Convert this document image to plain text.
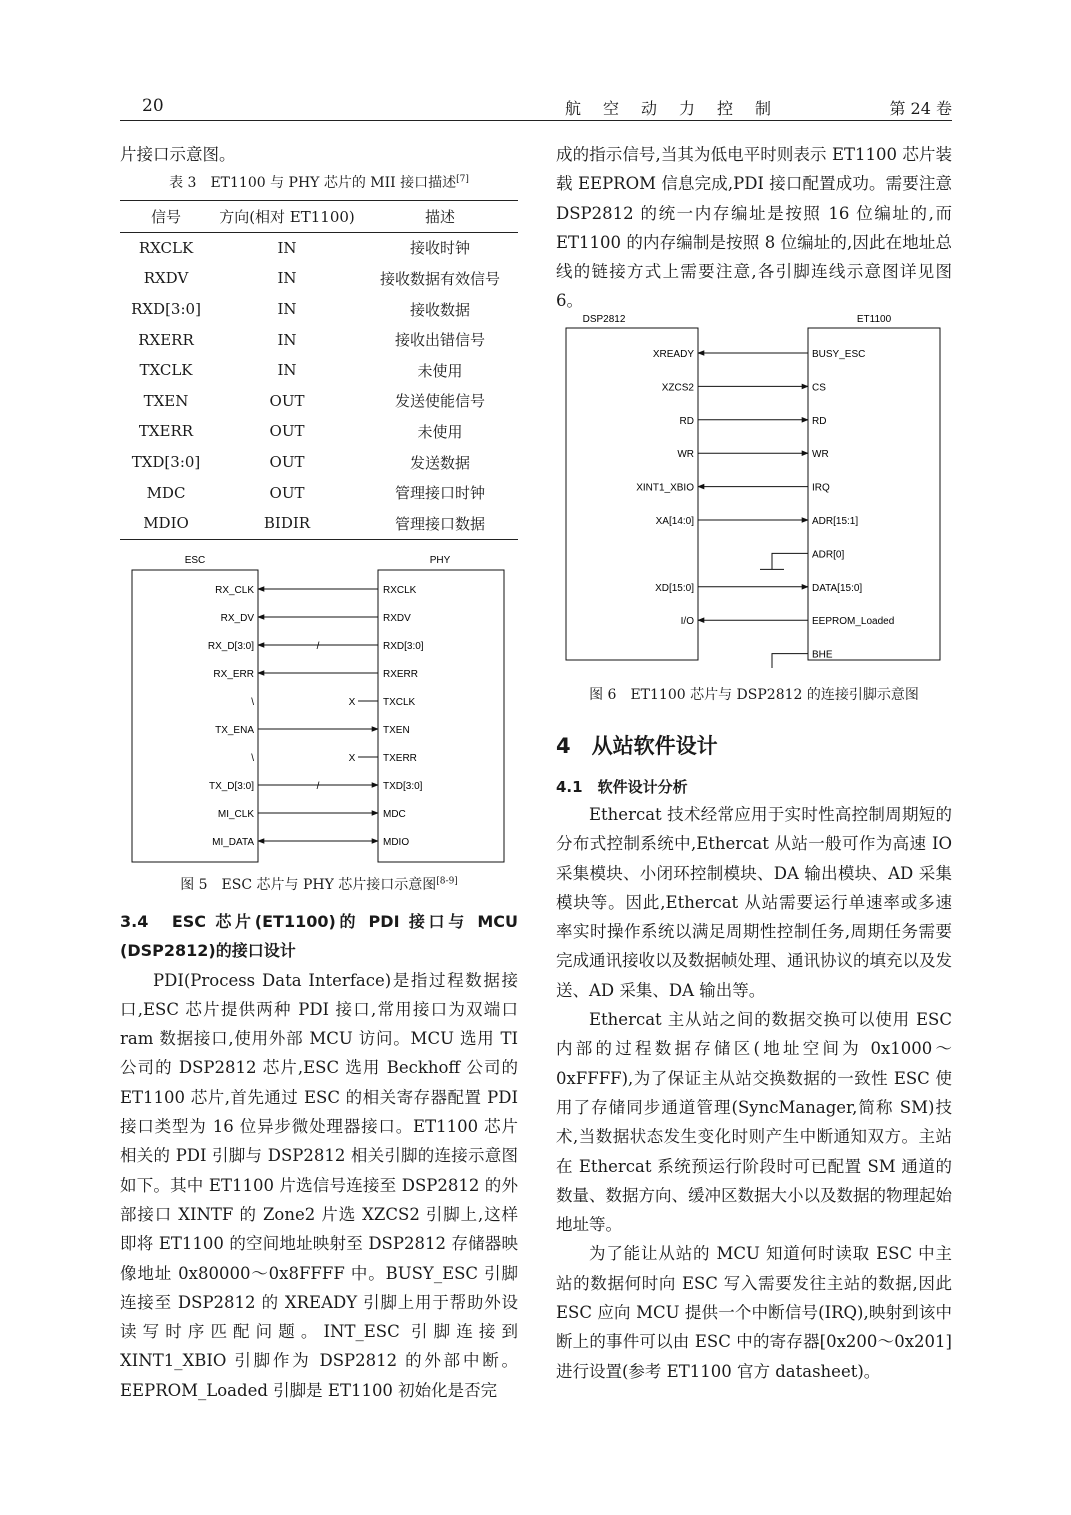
20	航空动力控制	第 24 卷

片接口示意图。

表 3　ET1100 与 PHY 芯片的 MII 接口描述[7]
信号	方向(相对 ET1100)	描述
RXCLK	IN	接收时钟
RXDV	IN	接收数据有效信号
RXD[3:0]	IN	接收数据
RXERR	IN	接收出错信号
TXCLK	IN	未使用
TXEN	OUT	发送使能信号
TXERR	OUT	未使用
TXD[3:0]	OUT	发送数据
MDC	OUT	管理接口时钟
MDIO	BIDIR	管理接口数据
ESC	PHY
RX_CLK	RXCLK
RX_DV	RXDV
RX_D[3:0]	RXD[3:0]
/
RX_ERR	RXERR
\	TXCLK
X
TX_ENA	TXEN
\	TXERR
X
TX_D[3:0]	TXD[3:0]
/
MI_CLK	MDC
MI_DATA	MDIO
图 5　ESC 芯片与 PHY 芯片接口示意图[8-9]
3.4　ESC 芯片(ET1100)的 PDI 接口与 MCU
(DSP2812)的接口设计

PDI(Process Data Interface)是指过程数据接口,ESC 芯片提供两种 PDI 接口,常用接口为双端口 ram 数据接口,使用外部 MCU 访问。MCU 选用 TI 公司的 DSP2812 芯片,ESC 选用 Beckhoff 公司的 ET1100 芯片,首先通过 ESC 的相关寄存器配置 PDI 接口类型为 16 位异步微处理器接口。ET1100 芯片相关的 PDI 引脚与 DSP2812 相关引脚的连接示意图如下。其中 ET1100 片选信号连接至 DSP2812 的外部接口 XINTF 的 Zone2 片选 XZCS2 引脚上,这样即将 ET1100 的空间地址映射至 DSP2812 存储器映像地址 0x80000～0x8FFFF 中。BUSY_ESC 引脚连接至 DSP2812 的 XREADY 引脚上用于帮助外设读写时序匹配问题。INT_ESC 引脚连接到 XINT1_XBIO 引脚作为 DSP2812 的外部中断。EEPROM_Loaded 引脚是 ET1100 初始化是否完

成的指示信号,当其为低电平时则表示 ET1100 芯片装载 EEPROM 信息完成,PDI 接口配置成功。需要注意 DSP2812 的统一内存编址是按照 16 位编址的,而 ET1100 的内存编制是按照 8 位编址的,因此在地址总线的链接方式上需要注意,各引脚连线示意图详见图 6。

DSP2812	ET1100
BUSY_ESC
XREADY
CS
XZCS2
RD
RD
WR
WR
IRQ
XINT1_XBIO
ADR[15:1]
XA[14:0]
ADR[0]
DATA[15:0]
XD[15:0]
EEPROM_Loaded
I/O
BHE
图 6　ET1100 芯片与 DSP2812 的连接引脚示意图
4　从站软件设计
4.1　软件设计分析

Ethercat 技术经常应用于实时性高控制周期短的分布式控制系统中,Ethercat 从站一般可作为高速 IO 采集模块、小闭环控制模块、DA 输出模块、AD 采集模块等。因此,Ethercat 从站需要运行单速率或多速率实时操作系统以满足周期性控制任务,周期任务需要完成通讯接收以及数据帧处理、通讯协议的填充以及发送、AD 采集、DA 输出等。

Ethercat 主从站之间的数据交换可以使用 ESC 内部的过程数据存储区(地址空间为 0x1000～0xFFFF),为了保证主从站交换数据的一致性 ESC 使用了存储同步通道管理(SyncManager,简称 SM)技术,当数据状态发生变化时则产生中断通知双方。主站在 Ethercat 系统预运行阶段时可已配置 SM 通道的数量、数据方向、缓冲区数据大小以及数据的物理起始地址等。

为了能让从站的 MCU 知道何时读取 ESC 中主站的数据何时向 ESC 写入需要发往主站的数据,因此 ESC 应向 MCU 提供一个中断信号(IRQ),映射到该中断上的事件可以由 ESC 中的寄存器[0x200～0x201]进行设置(参考 ET1100 官方 datasheet)。
